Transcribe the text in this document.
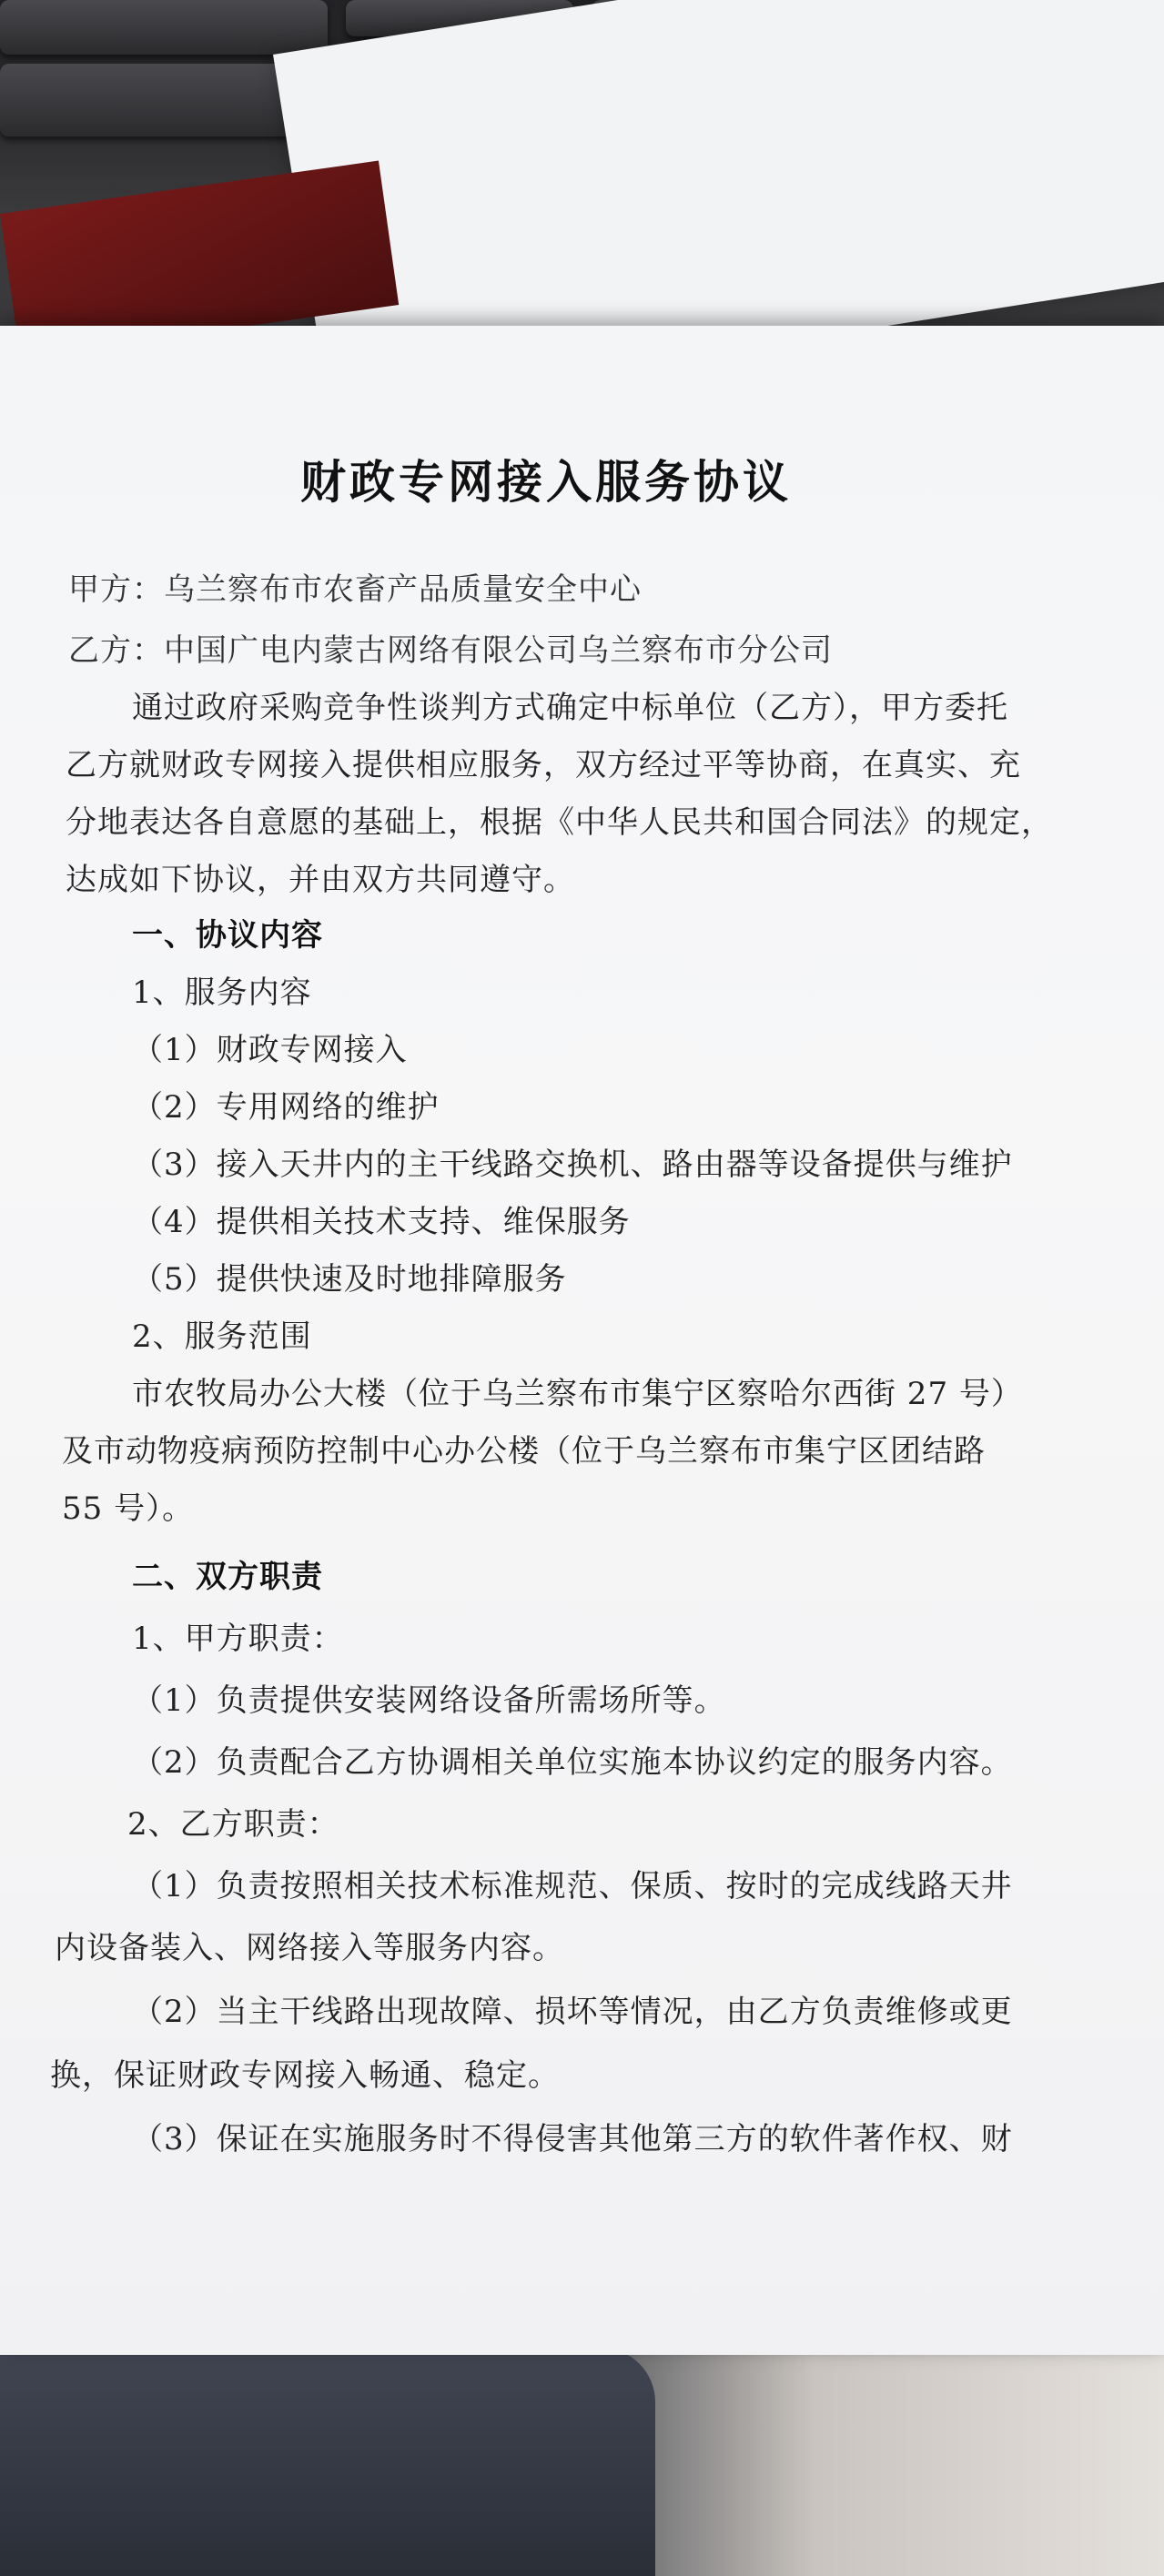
财政专网接入服务协议
甲方：乌兰察布市农畜产品质量安全中心
乙方：中国广电内蒙古网络有限公司乌兰察布市分公司
通过政府采购竞争性谈判方式确定中标单位（乙方），甲方委托
乙方就财政专网接入提供相应服务，双方经过平等协商，在真实、充
分地表达各自意愿的基础上，根据《中华人民共和国合同法》的规定，
达成如下协议，并由双方共同遵守。
一、协议内容
1、服务内容
（1）财政专网接入
（2）专用网络的维护
（3）接入天井内的主干线路交换机、路由器等设备提供与维护
（4）提供相关技术支持、维保服务
（5）提供快速及时地排障服务
2、服务范围
市农牧局办公大楼（位于乌兰察布市集宁区察哈尔西街 27 号）
及市动物疫病预防控制中心办公楼（位于乌兰察布市集宁区团结路
55 号）。
二、双方职责
1、甲方职责：
（1）负责提供安装网络设备所需场所等。
（2）负责配合乙方协调相关单位实施本协议约定的服务内容。
2、乙方职责：
（1）负责按照相关技术标准规范、保质、按时的完成线路天井
内设备装入、网络接入等服务内容。
（2）当主干线路出现故障、损坏等情况，由乙方负责维修或更
换，保证财政专网接入畅通、稳定。
（3）保证在实施服务时不得侵害其他第三方的软件著作权、财
